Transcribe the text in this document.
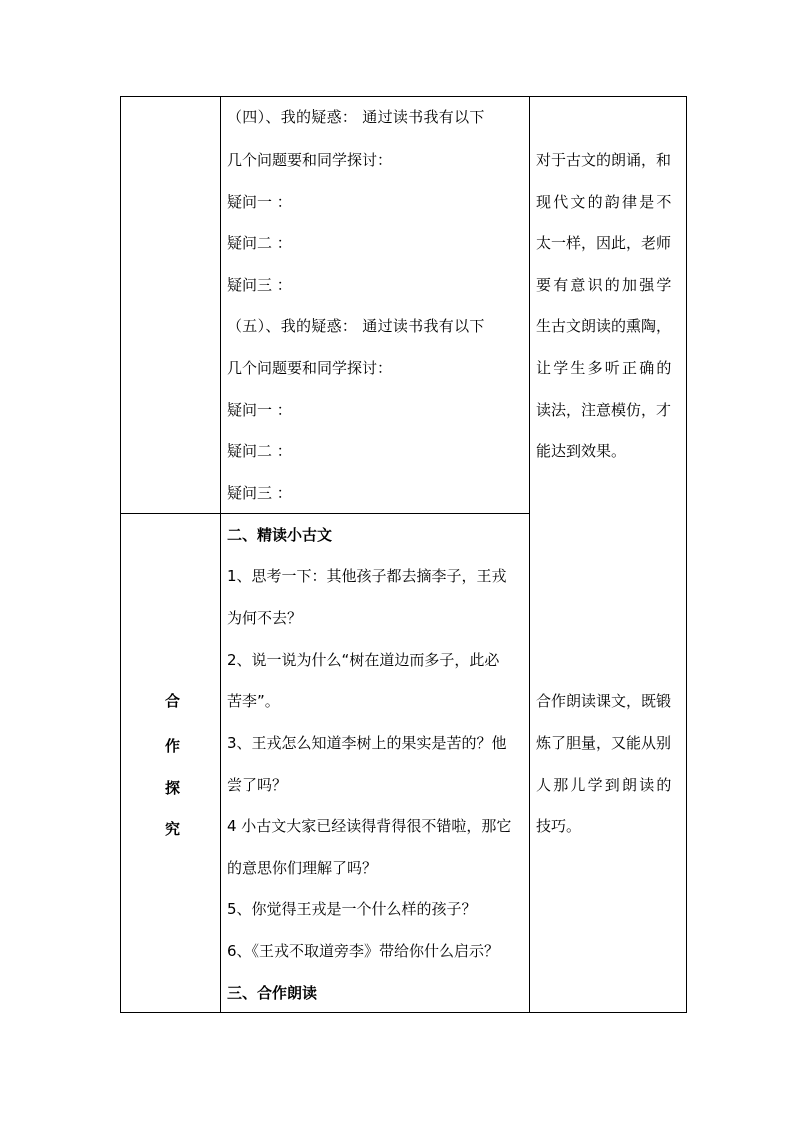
合
作
探
究
（四）、我的疑惑： 通过读书我有以下
几个问题要和同学探讨：
疑问一 ：
疑问二 ：
疑问三 ：
（五）、我的疑惑： 通过读书我有以下
几个问题要和同学探讨：
疑问一 ：
疑问二 ：
疑问三 ：
二、精读小古文
1、思考一下：其他孩子都去摘李子，王戎
为何不去？
2、说一说为什么“树在道边而多子，此必
苦李”。
3、王戎怎么知道李树上的果实是苦的？他
尝了吗？
4 小古文大家已经读得背得很不错啦，那它
的意思你们理解了吗？
5、你觉得王戎是一个什么样的孩子？
6、《王戎不取道旁李》带给你什么启示？
三、合作朗读
对于古文的朗诵，和
现代文的韵律是不
太一样，因此，老师
要有意识的加强学
生古文朗读的熏陶，
让学生多听正确的
读法，注意模仿，才
能达到效果。
合作朗读课文，既锻
炼了胆量，又能从别
人那儿学到朗读的
技巧。
